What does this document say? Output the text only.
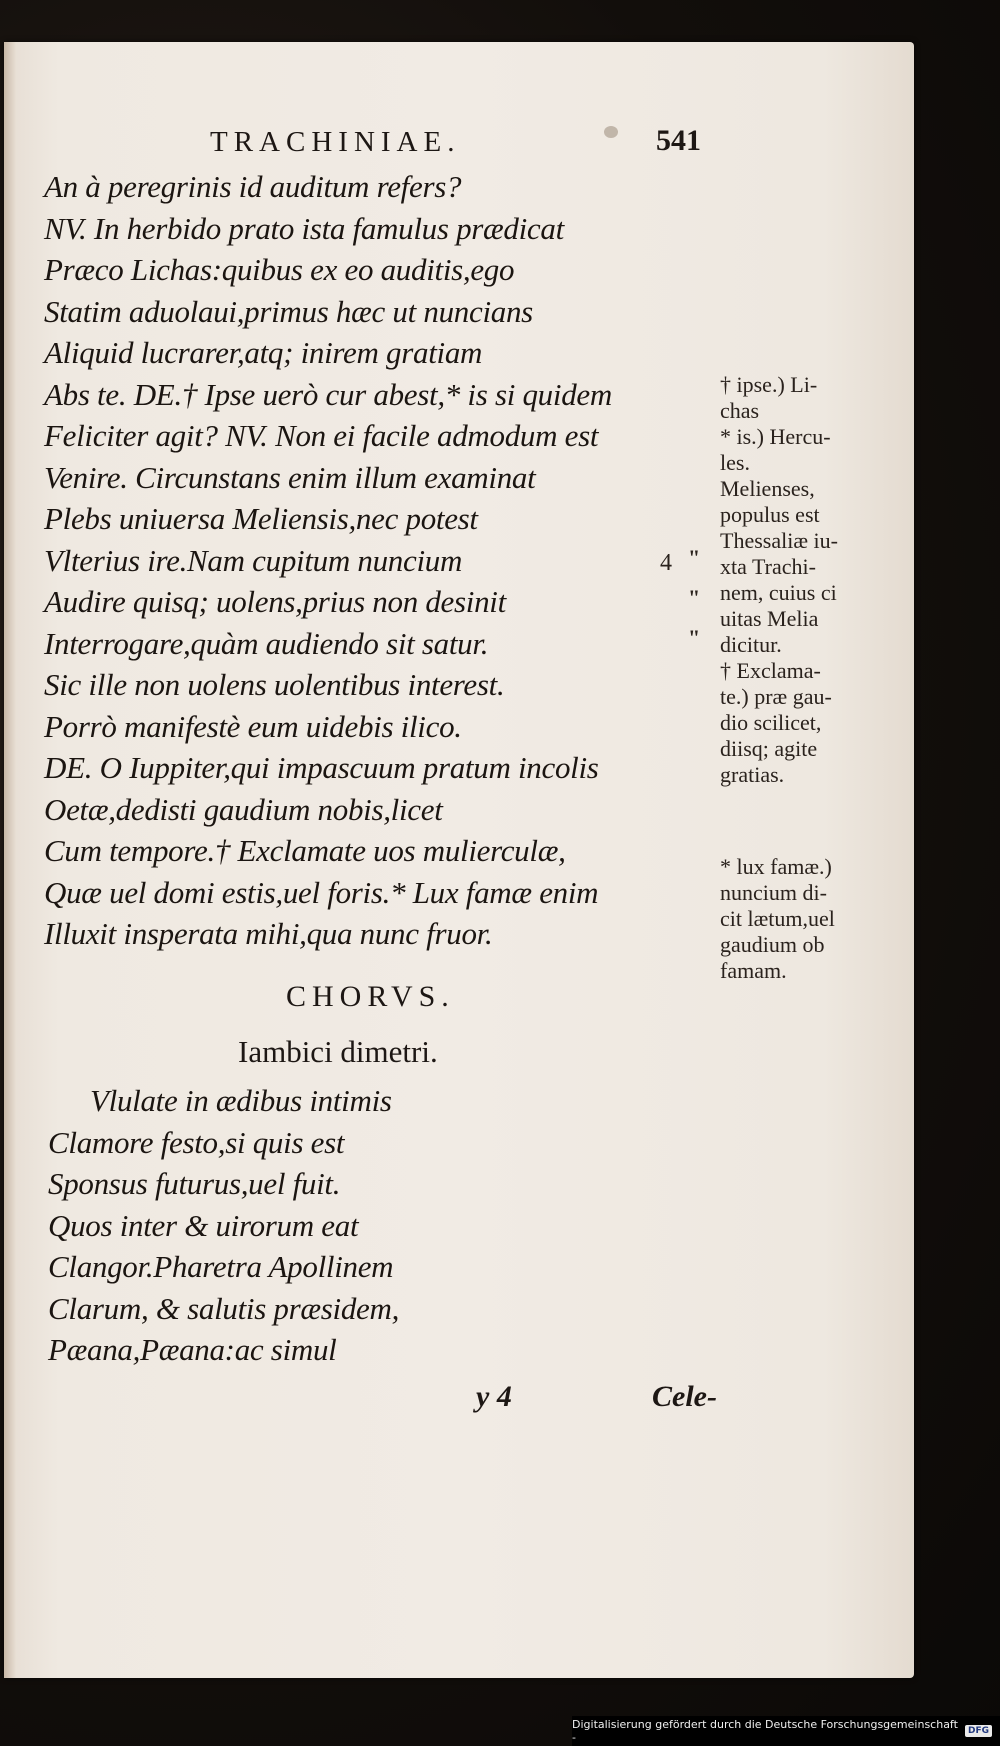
TRACHINIAE.	541
An à peregrinis id auditum refers?
NV. In herbido prato ista famulus prædicat
Præco Lichas:quibus ex eo auditis,ego
Statim aduolaui,primus hæc ut nuncians
Aliquid lucrarer,atq; inirem gratiam
Abs te. DE.† Ipse uerò cur abest,* is si quidem
Feliciter agit? NV. Non ei facile admodum est
Venire. Circunstans enim illum examinat
Plebs uniuersa Meliensis,nec potest
Vlterius ire.Nam cupitum nuncium
Audire quisq; uolens,prius non desinit
Interrogare,quàm audiendo sit satur.
Sic ille non uolens uolentibus interest.
Porrò manifestè eum uidebis ilico.
DE. O Iuppiter,qui impascuum pratum incolis
Oetæ,dedisti gaudium nobis,licet
Cum tempore.† Exclamate uos mulierculæ,
Quæ uel domi estis,uel foris.* Lux famæ enim
Illuxit insperata mihi,qua nunc fruor.
CHORVS.
Iambici dimetri.
Vlulate in ædibus intimis
Clamore festo,si quis est
Sponsus futurus,uel fuit.
Quos inter & uirorum eat
Clangor.Pharetra Apollinem
Clarum, & salutis præsidem,
Pæana,Pæana:ac simul
4 "
"
"

† ipse.) Li-

chas

* is.) Hercu-

les.

Melienses,

populus est

Thessaliæ iu-

xta Trachi-

nem, cuius ci

uitas Melia

dicitur.

† Exclama-

te.) præ gau-

dio scilicet,

diisq; agite

gratias.

* lux famæ.)

nuncium di-

cit lætum,uel

gaudium ob

famam.

y 4	Cele-
Digitalisierung gefördert durch die Deutsche Forschungsgemeinschaft -	DFG
